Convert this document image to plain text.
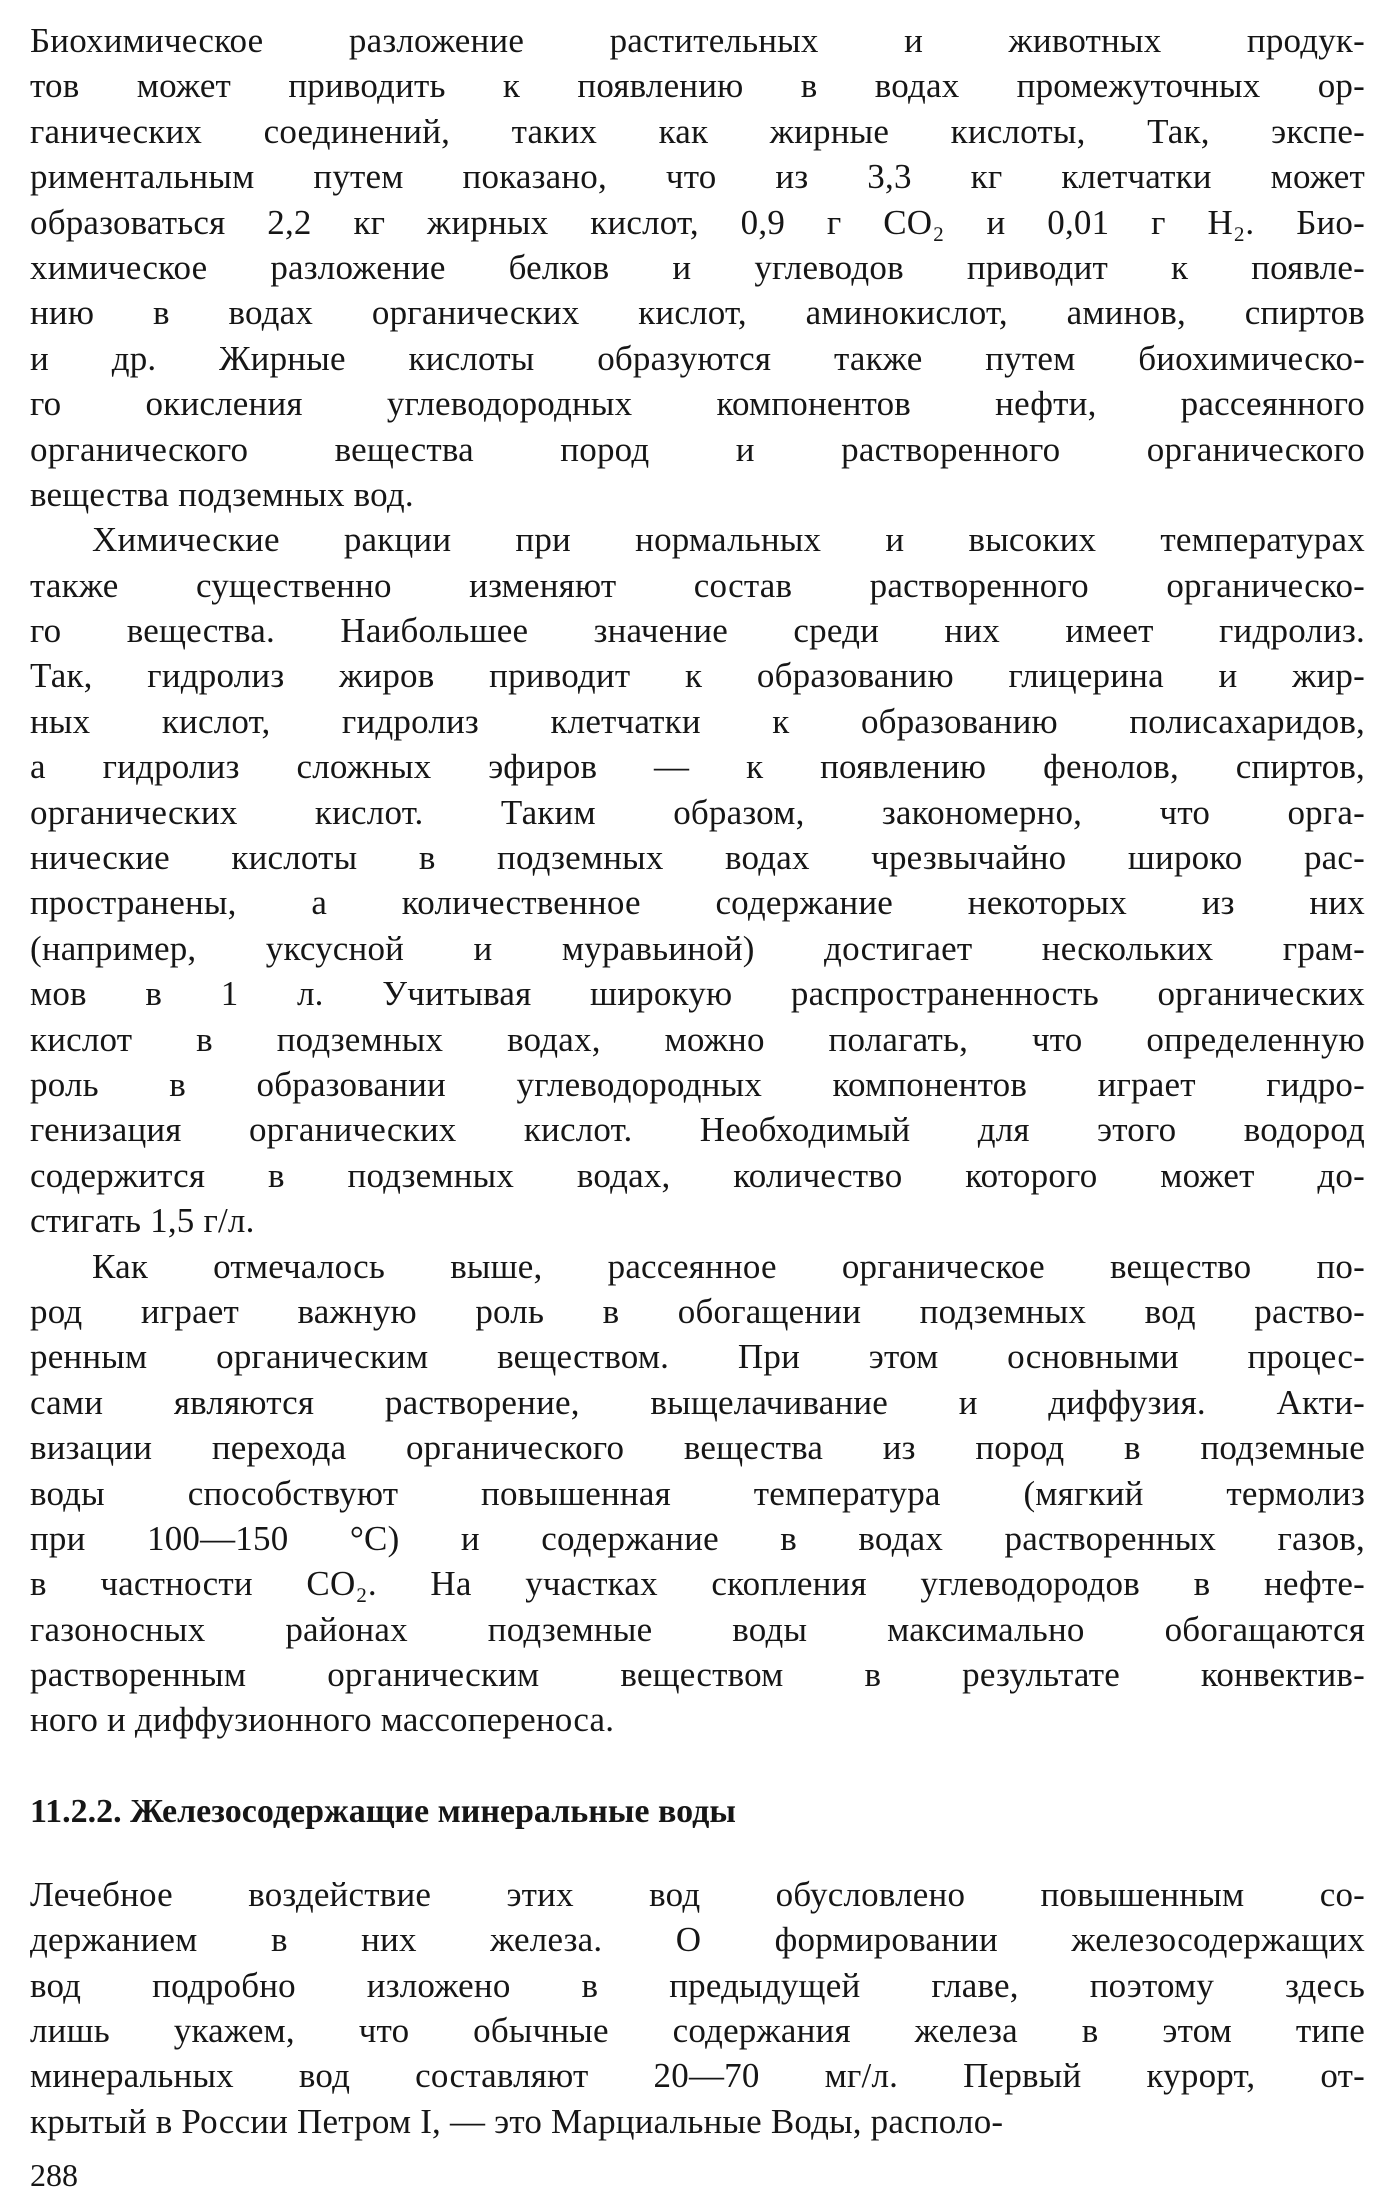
Биохимическое разложение растительных и животных продук-
тов может приводить к появлению в водах промежуточных ор-
ганических соединений, таких как жирные кислоты, Так, экспе-
риментальным путем показано, что из 3,3 кг клетчатки может
образоваться 2,2 кг жирных кислот, 0,9 г CO₂ и 0,01 г H₂. Био-
химическое разложение белков и углеводов приводит к появле-
нию в водах органических кислот, аминокислот, аминов, спиртов
и др. Жирные кислоты образуются также путем биохимическо-
го окисления углеводородных компонентов нефти, рассеянного
органического вещества пород и растворенного органического
вещества подземных вод.
Химические ракции при нормальных и высоких температурах
также существенно изменяют состав растворенного органическо-
го вещества. Наибольшее значение среди них имеет гидролиз.
Так, гидролиз жиров приводит к образованию глицерина и жир-
ных кислот, гидролиз клетчатки к образованию полисахаридов,
а гидролиз сложных эфиров — к появлению фенолов, спиртов,
органических кислот. Таким образом, закономерно, что орга-
нические кислоты в подземных водах чрезвычайно широко рас-
пространены, а количественное содержание некоторых из них
(например, уксусной и муравьиной) достигает нескольких грам-
мов в 1 л. Учитывая широкую распространенность органических
кислот в подземных водах, можно полагать, что определенную
роль в образовании углеводородных компонентов играет гидро-
генизация органических кислот. Необходимый для этого водород
содержится в подземных водах, количество которого может до-
стигать 1,5 г/л.
Как отмечалось выше, рассеянное органическое вещество по-
род играет важную роль в обогащении подземных вод раство-
ренным органическим веществом. При этом основными процес-
сами являются растворение, выщелачивание и диффузия. Акти-
визации перехода органического вещества из пород в подземные
воды способствуют повышенная температура (мягкий термолиз
при 100—150 °С) и содержание в водах растворенных газов,
в частности CO₂. На участках скопления углеводородов в нефте-
газоносных районах подземные воды максимально обогащаются
растворенным органическим веществом в результате конвектив-
ного и диффузионного массопереноса.
11.2.2. Железосодержащие минеральные воды
Лечебное воздействие этих вод обусловлено повышенным со-
держанием в них железа. О формировании железосодержащих
вод подробно изложено в предыдущей главе, поэтому здесь
лишь укажем, что обычные содержания железа в этом типе
минеральных вод составляют 20—70 мг/л. Первый курорт, от-
крытый в России Петром I, — это Марциальные Воды, располо-
288
